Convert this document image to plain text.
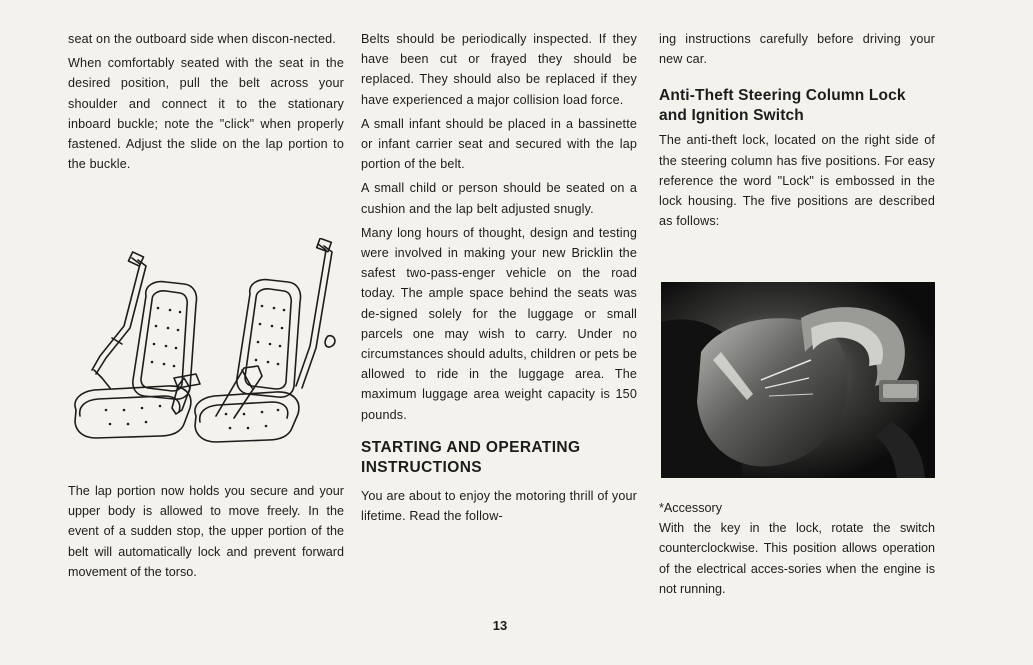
seat on the outboard side when discon-nected.

When comfortably seated with the seat in the desired position, pull the belt across your shoulder and connect it to the stationary inboard buckle; note the "click" when properly fastened. Adjust the slide on the lap portion to the buckle.

The lap portion now holds you secure and your upper body is allowed to move freely. In the event of a sudden stop, the upper portion of the belt will automatically lock and prevent forward movement of the torso.

Belts should be periodically inspected. If they have been cut or frayed they should be replaced. They should also be replaced if they have experienced a major collision load force.

A small infant should be placed in a bassinette or infant carrier seat and secured with the lap portion of the belt.

A small child or person should be seated on a cushion and the lap belt adjusted snugly.

Many long hours of thought, design and testing were involved in making your new Bricklin the safest two-pass-enger vehicle on the road today. The ample space behind the seats was de-signed solely for the luggage or small parcels one may wish to carry. Under no circumstances should adults, children or pets be allowed to ride in the luggage area. The maximum luggage area weight capacity is 150 pounds.

STARTING AND OPERATING INSTRUCTIONS

You are about to enjoy the motoring thrill of your lifetime. Read the follow-

ing instructions carefully before driving your new car.

Anti-Theft Steering Column Lock and Ignition Switch

The anti-theft lock, located on the right side of the steering column has five positions. For easy reference the word "Lock" is embossed in the lock housing. The five positions are described as follows:

*Accessory

With the key in the lock, rotate the switch counterclockwise. This position allows operation of the electrical acces-sories when the engine is not running.

13
